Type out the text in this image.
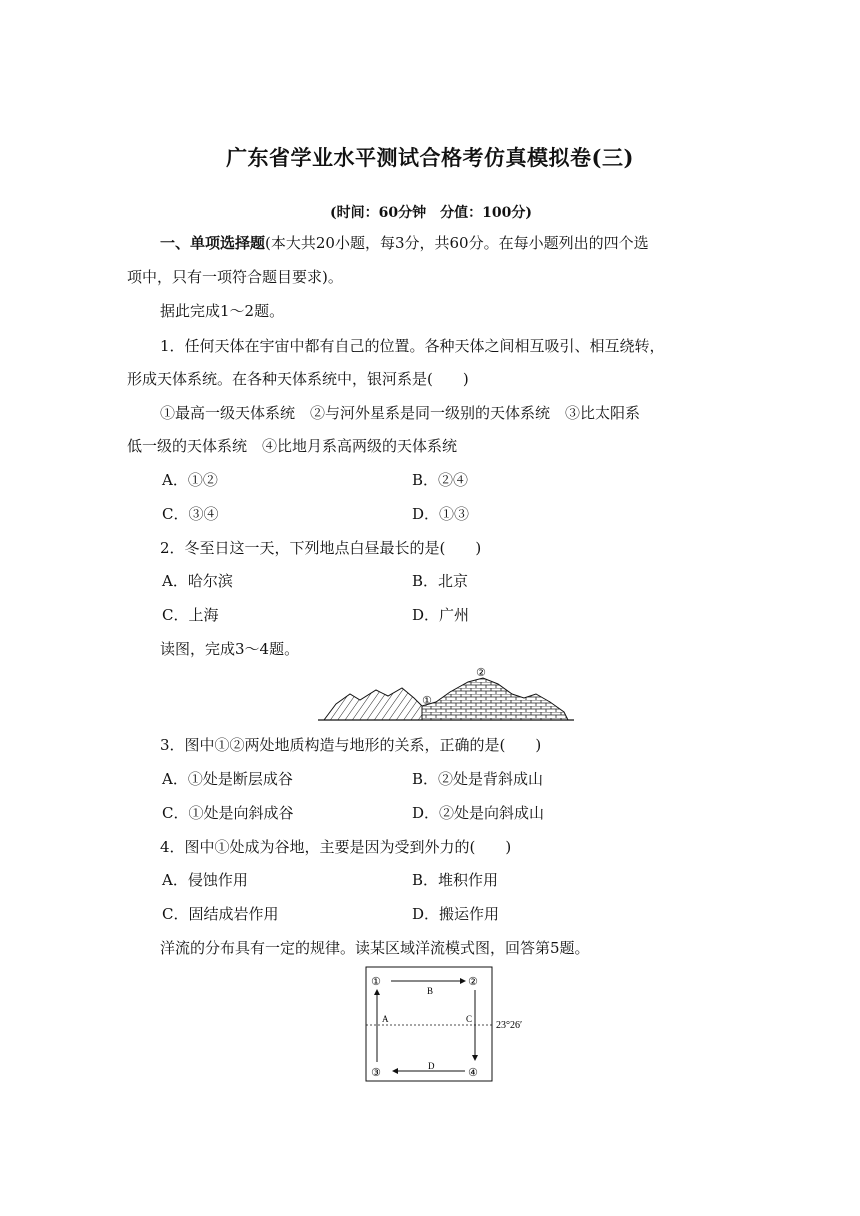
广东省学业水平测试合格考仿真模拟卷(三)
(时间：60分钟　分值：100分)
一、单项选择题(本大共20小题，每3分，共60分。在每小题列出的四个选
项中，只有一项符合题目要求)。
据此完成1～2题。
1．任何天体在宇宙中都有自己的位置。各种天体之间相互吸引、相互绕转，
形成天体系统。在各种天体系统中，银河系是(　　)
①最高一级天体系统　②与河外星系是同一级别的天体系统　③比太阳系
低一级的天体系统　④比地月系高两级的天体系统
A．①②	B．②④
C．③④	D．①③
2．冬至日这一天，下列地点白昼最长的是(　　)
A．哈尔滨	B．北京
C．上海	D．广州
读图，完成3～4题。
①
②
3．图中①②两处地质构造与地形的关系，正确的是(　　)
A．①处是断层成谷	B．②处是背斜成山
C．①处是向斜成谷	D．②处是向斜成山
4．图中①处成为谷地，主要是因为受到外力的(　　)
A．侵蚀作用	B．堆积作用
C．固结成岩作用	D．搬运作用
洋流的分布具有一定的规律。读某区域洋流模式图，回答第5题。
①	②
③	④
B
A	C
D
23°26′
